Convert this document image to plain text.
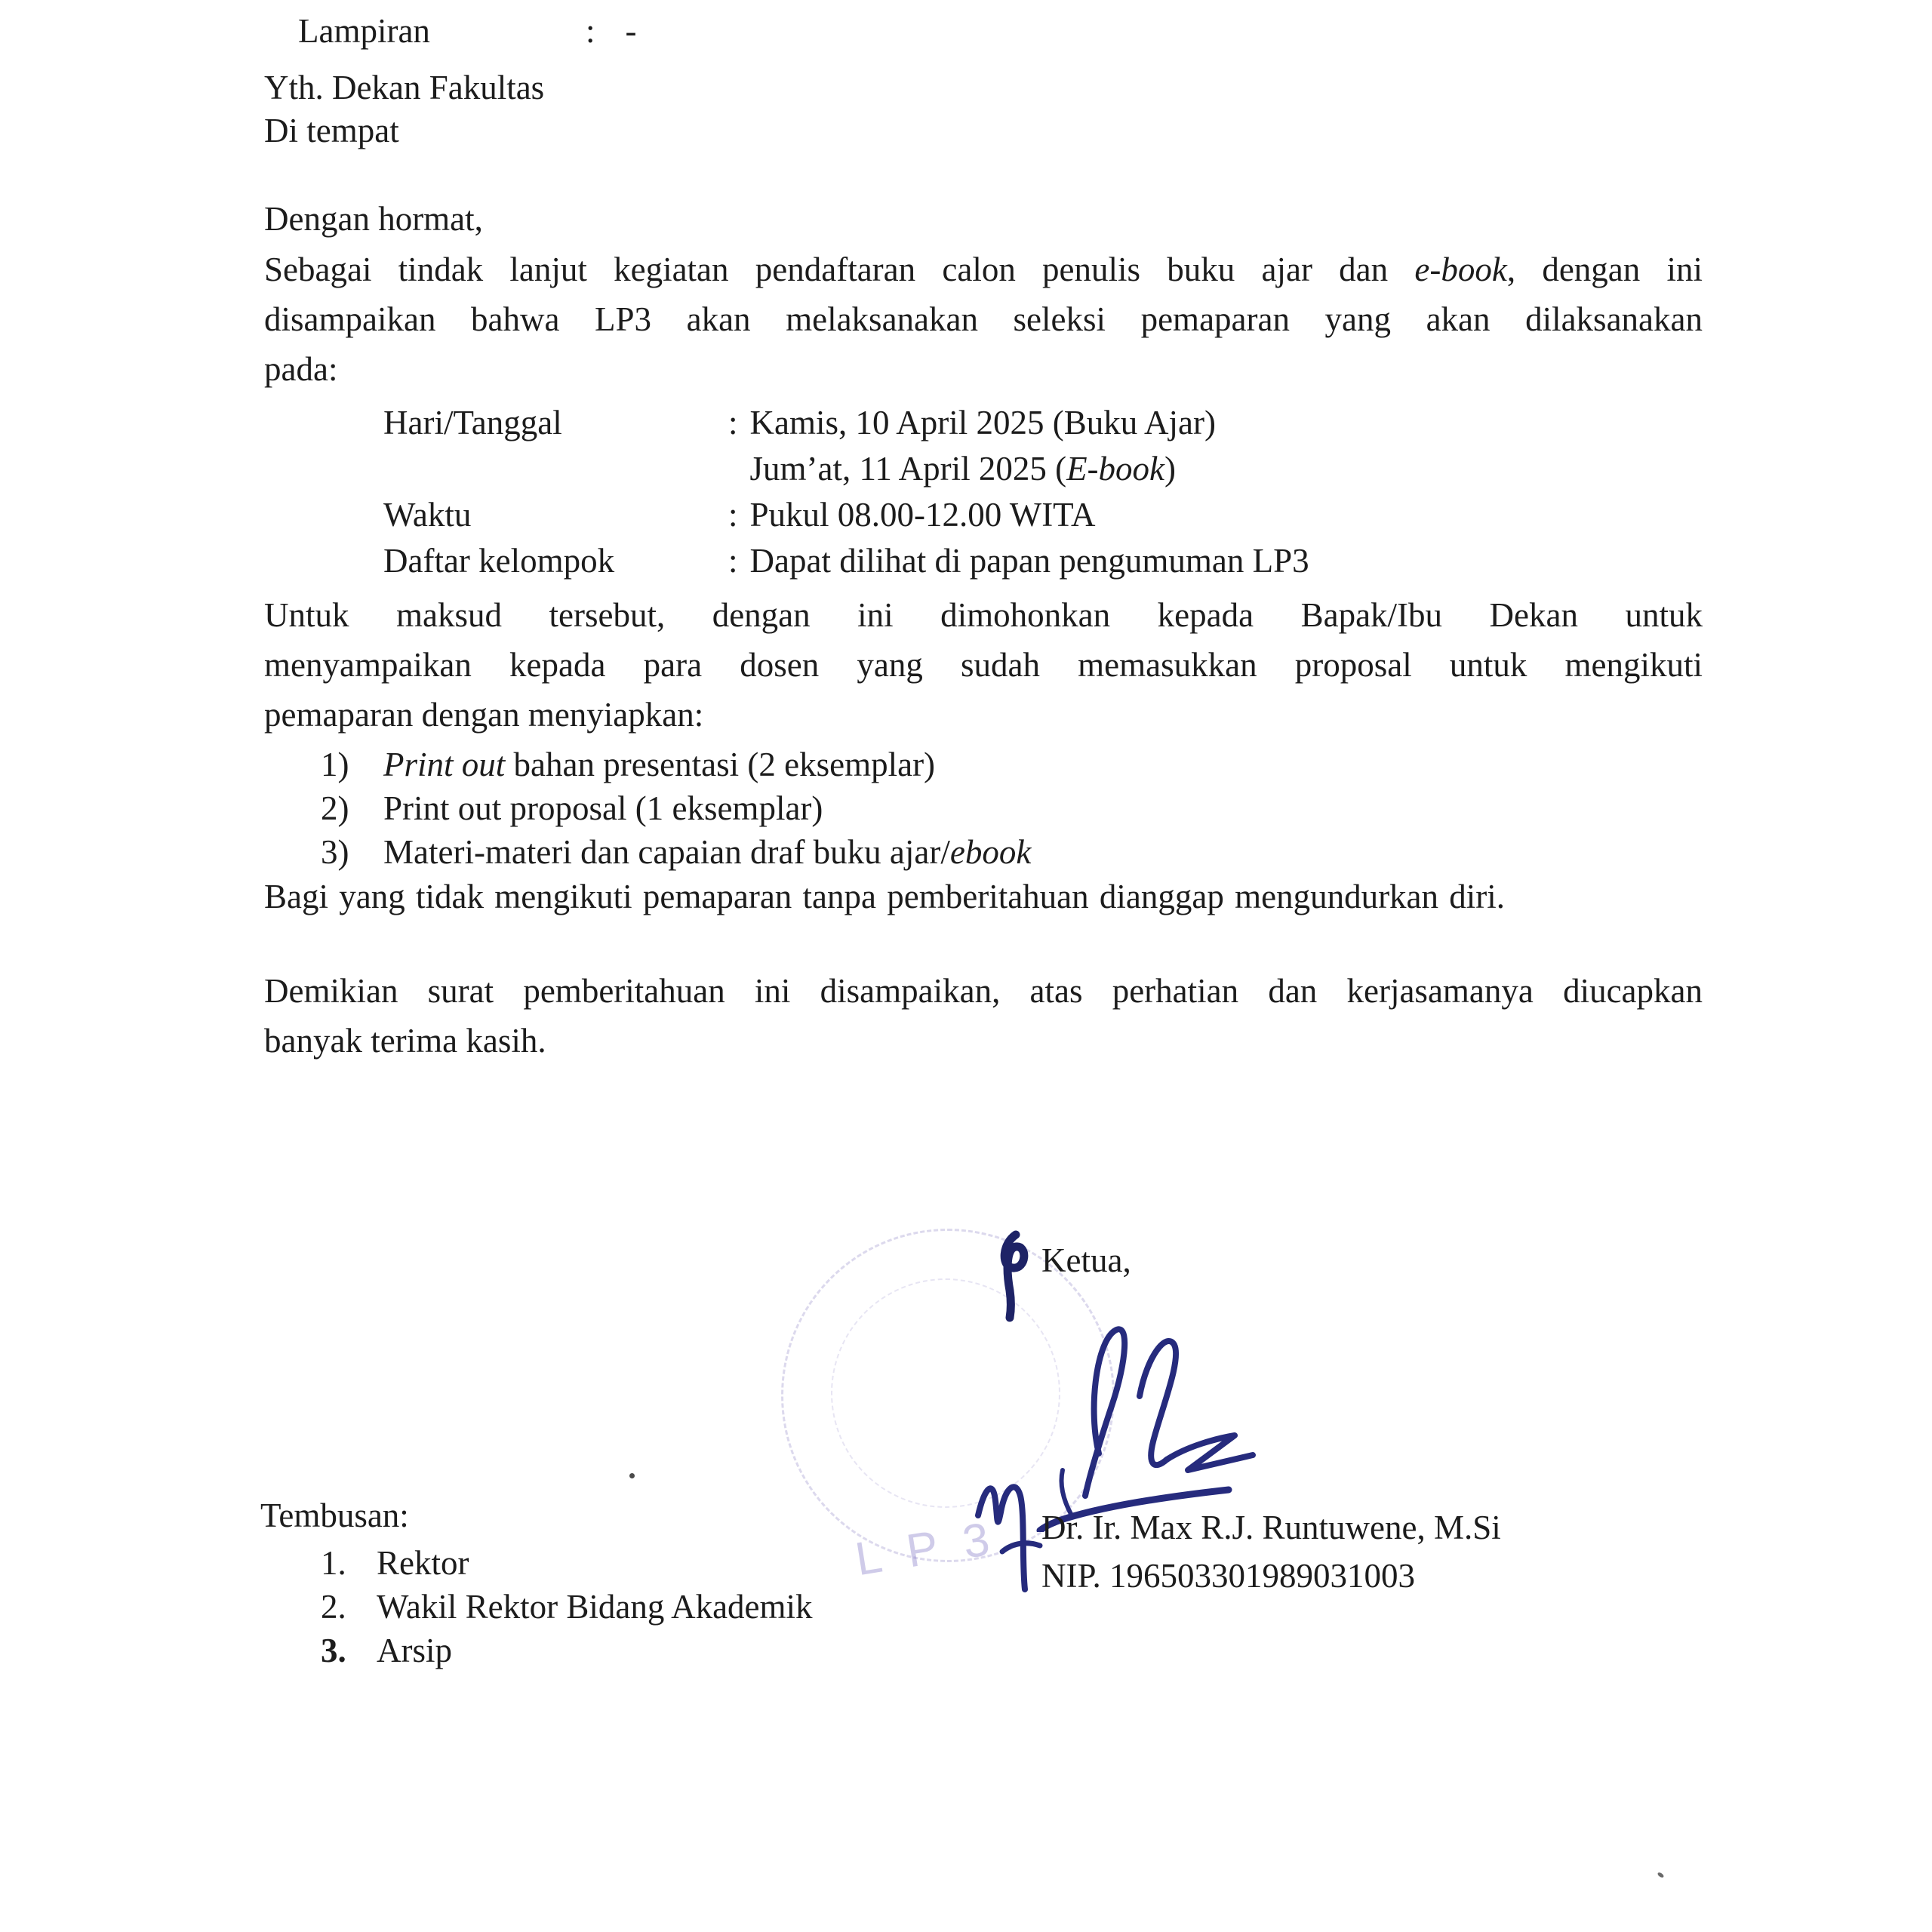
Lampiran	: -

Yth. Dekan Fakultas
Di tempat
Dengan hormat,
Sebagai tindak lanjut kegiatan pendaftaran calon penulis buku ajar dan e-book, dengan ini
disampaikan bahwa LP3 akan melaksanakan seleksi pemaparan yang akan dilaksanakan
pada:
Hari/Tanggal	: Kamis, 10 April 2025 (Buku Ajar)
Jum’at, 11 April 2025 (E-book)
Waktu	: Pukul 08.00-12.00 WITA
Daftar kelompok	: Dapat dilihat di papan pengumuman LP3
Untuk maksud tersebut, dengan ini dimohonkan kepada Bapak/Ibu Dekan untuk
menyampaikan kepada para dosen yang sudah memasukkan proposal untuk mengikuti
pemaparan dengan menyiapkan:
1) Print out bahan presentasi (2 eksemplar)
2) Print out proposal (1 eksemplar)
3) Materi-materi dan capaian draf buku ajar/ebook
Bagi yang tidak mengikuti pemaparan tanpa pemberitahuan dianggap mengundurkan diri.
Demikian surat pemberitahuan ini disampaikan, atas perhatian dan kerjasamanya diucapkan
banyak terima kasih.
LP3
Ketua,
Dr. Ir. Max R.J. Runtuwene, M.Si
NIP. 196503301989031003
Tembusan:
1. Rektor
2. Wakil Rektor Bidang Akademik
3. Arsip
